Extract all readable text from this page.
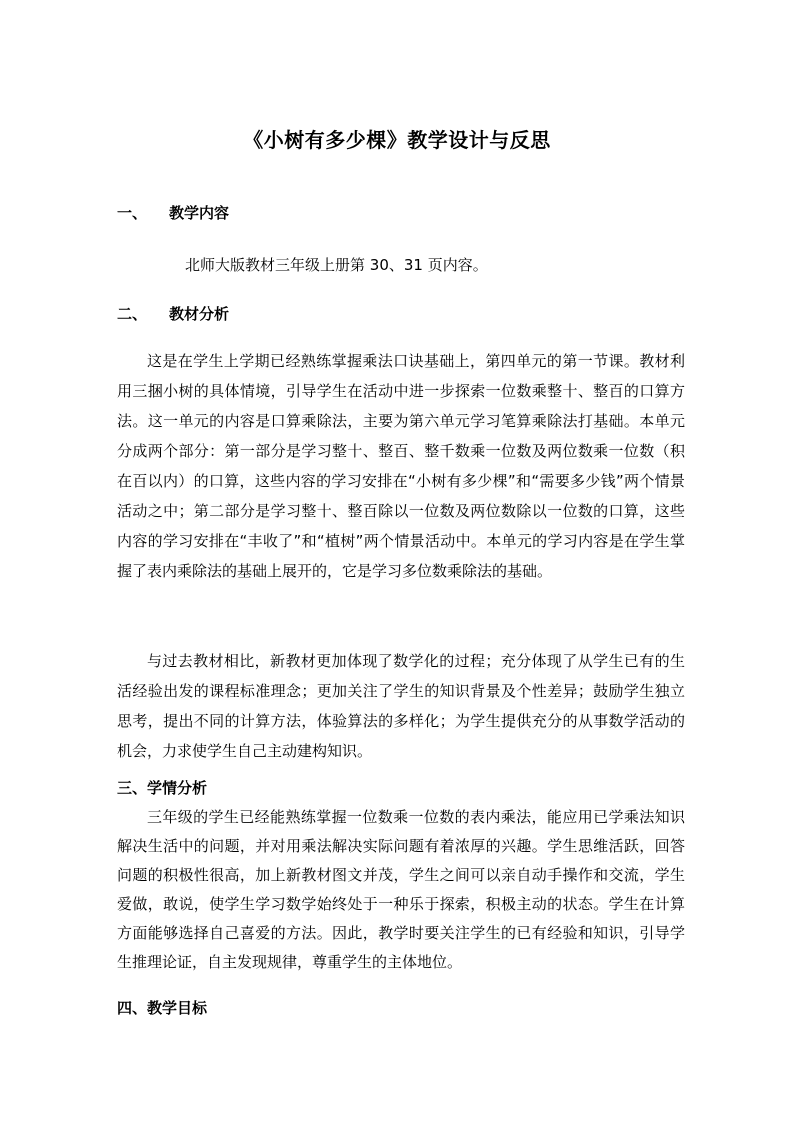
《小树有多少棵》教学设计与反思
一、 教学内容
北师大版教材三年级上册第 30、31 页内容。
二、 教材分析

这是在学生上学期已经熟练掌握乘法口诀基础上，第四单元的第一节课。教材利用三捆小树的具体情境，引导学生在活动中进一步探索一位数乘整十、整百的口算方法。这一单元的内容是口算乘除法，主要为第六单元学习笔算乘除法打基础。本单元分成两个部分：第一部分是学习整十、整百、整千数乘一位数及两位数乘一位数（积在百以内）的口算，这些内容的学习安排在“小树有多少棵”和“需要多少钱”两个情景活动之中；第二部分是学习整十、整百除以一位数及两位数除以一位数的口算，这些内容的学习安排在“丰收了”和“植树”两个情景活动中。本单元的学习内容是在学生掌握了表内乘除法的基础上展开的，它是学习多位数乘除法的基础。

与过去教材相比，新教材更加体现了数学化的过程；充分体现了从学生已有的生活经验出发的课程标准理念；更加关注了学生的知识背景及个性差异；鼓励学生独立思考，提出不同的计算方法，体验算法的多样化；为学生提供充分的从事数学活动的机会，力求使学生自己主动建构知识。

三、学情分析

三年级的学生已经能熟练掌握一位数乘一位数的表内乘法，能应用已学乘法知识解决生活中的问题，并对用乘法解决实际问题有着浓厚的兴趣。学生思维活跃，回答问题的积极性很高，加上新教材图文并茂，学生之间可以亲自动手操作和交流，学生爱做，敢说，使学生学习数学始终处于一种乐于探索，积极主动的状态。学生在计算方面能够选择自己喜爱的方法。因此，教学时要关注学生的已有经验和知识，引导学生推理论证，自主发现规律，尊重学生的主体地位。

四、教学目标
